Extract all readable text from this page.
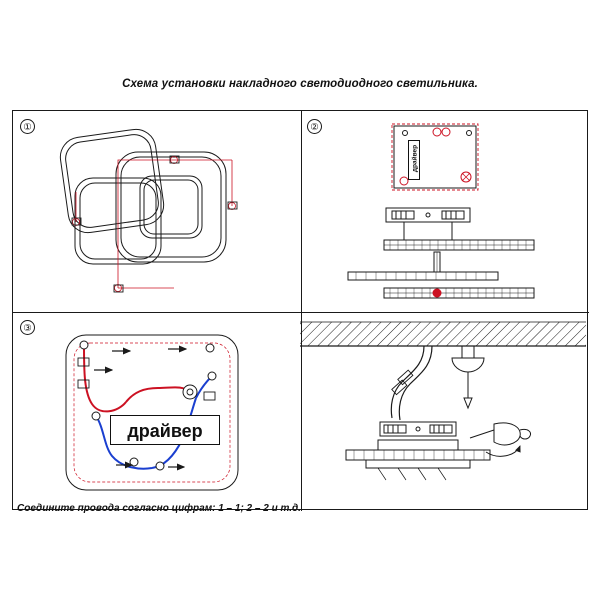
Схема установки накладного светодиодного светильника.
①	②
③
драйвер
драйвер
Соедините провода согласно цифрам: 1 – 1; 2 – 2 и т.д.
